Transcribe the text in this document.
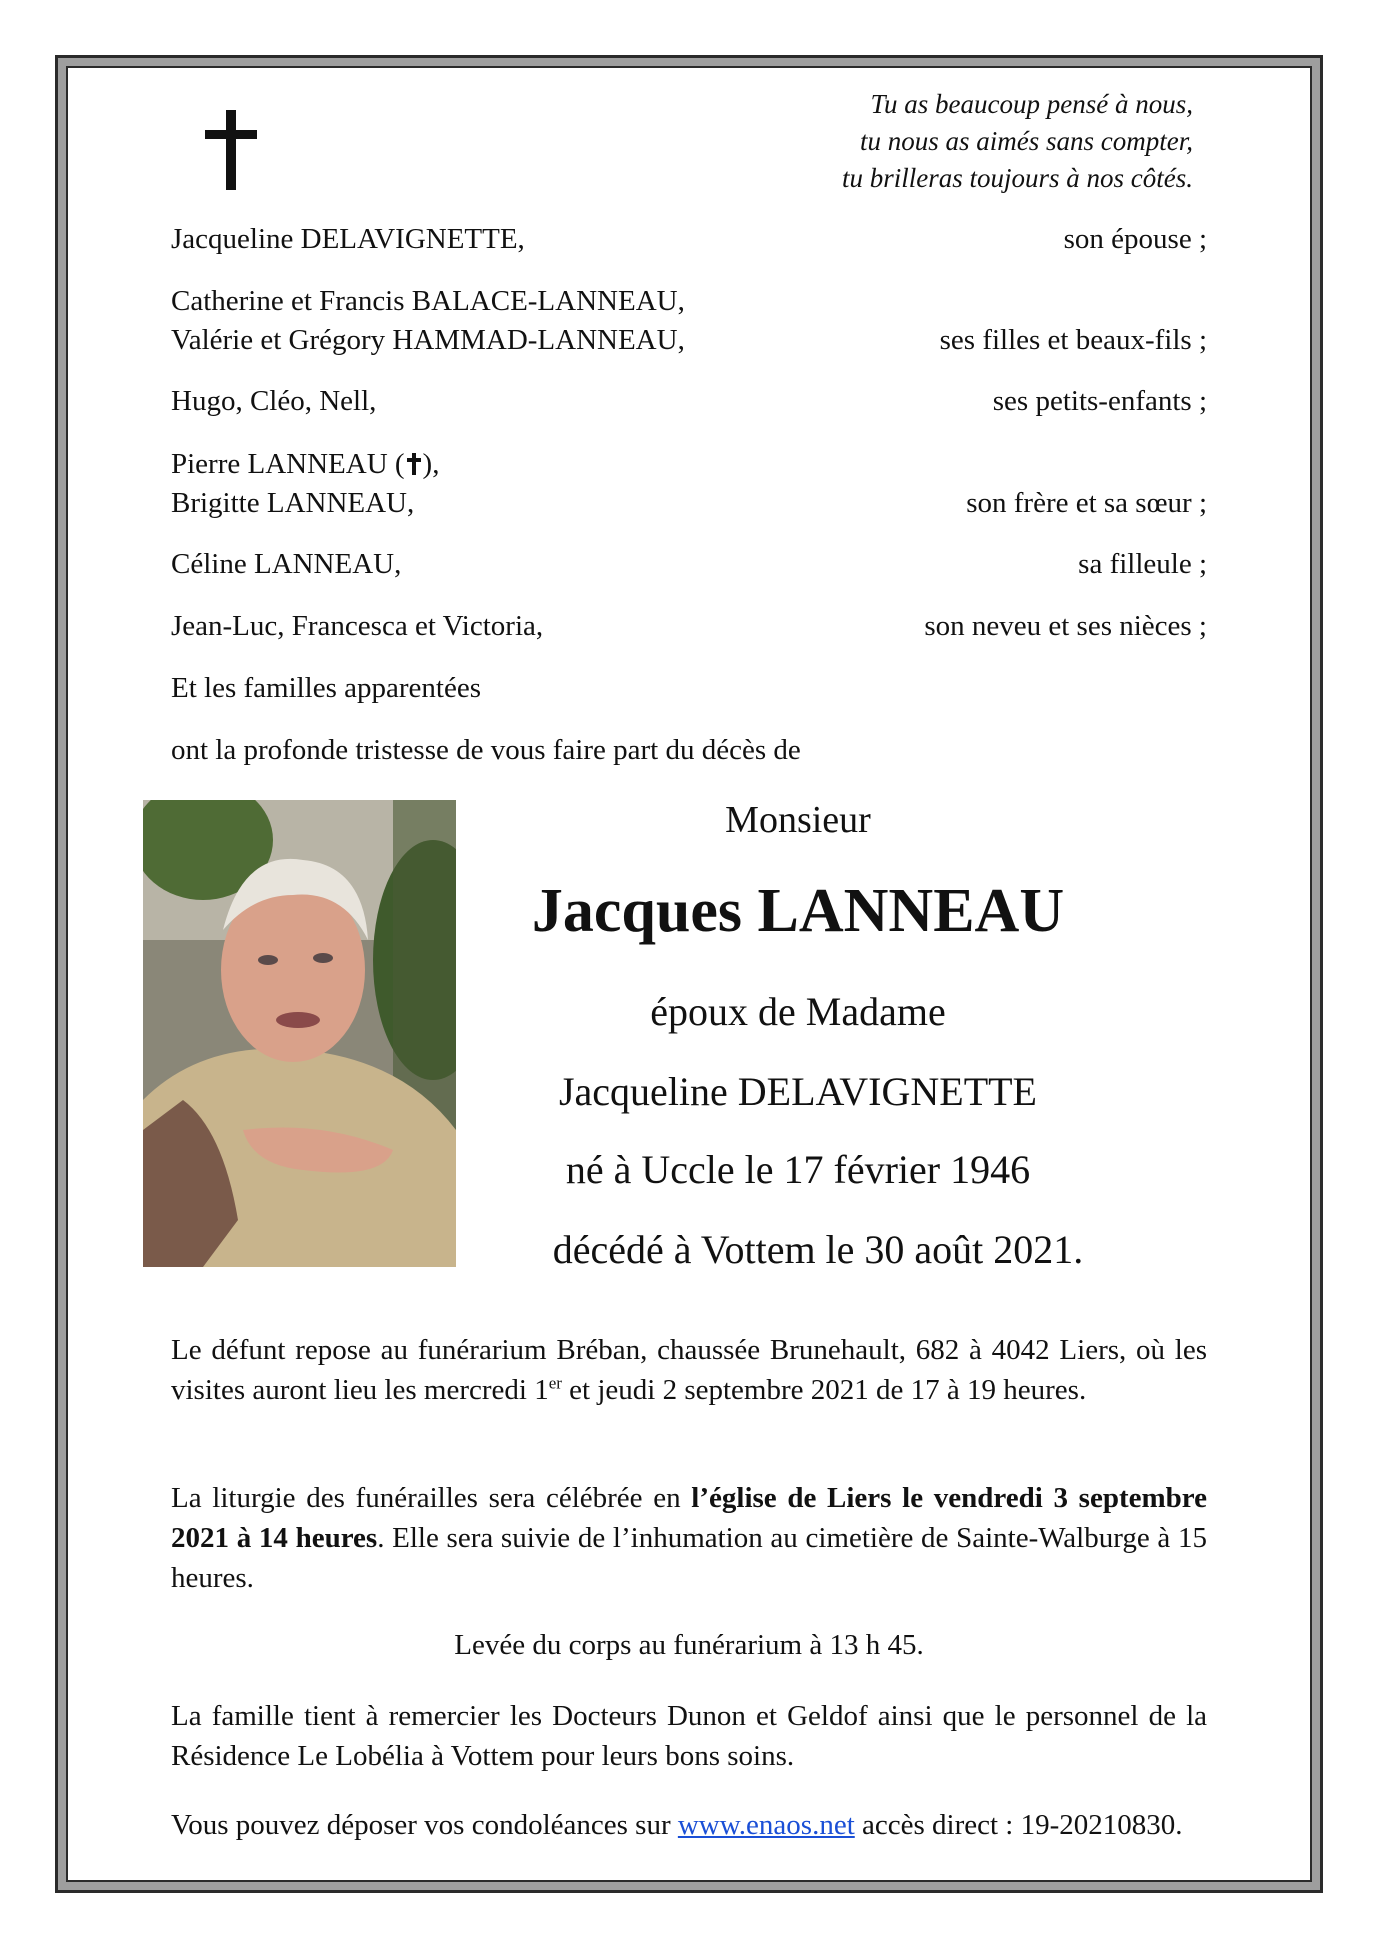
Tu as beaucoup pensé à nous,
tu nous as aimés sans compter,
tu brilleras toujours à nos côtés.
Jacqueline DELAVIGNETTE,	son épouse ;
Catherine et Francis BALACE-LANNEAU,
Valérie et Grégory HAMMAD-LANNEAU,	ses filles et beaux-fils ;
Hugo, Cléo, Nell,	ses petits-enfants ;
Pierre LANNEAU ( ),
Brigitte LANNEAU,	son frère et sa sœur ;
Céline LANNEAU,	sa filleule ;
Jean-Luc, Francesca et Victoria,	son neveu et ses nièces ;
Et les familles apparentées
ont la profonde tristesse de vous faire part du décès de
Monsieur
Jacques LANNEAU
époux de Madame
Jacqueline DELAVIGNETTE
né à Uccle le 17 février 1946
décédé à Vottem le 30 août 2021.
Le défunt repose au funérarium Bréban, chaussée Brunehault, 682 à 4042 Liers, où les visites auront lieu les mercredi 1er et jeudi 2 septembre 2021 de 17 à 19 heures.
La liturgie des funérailles sera célébrée en l’église de Liers le vendredi 3 septembre 2021 à 14 heures. Elle sera suivie de l’inhumation au cimetière de Sainte-Walburge à 15 heures.
Levée du corps au funérarium à 13 h 45.
La famille tient à remercier les Docteurs Dunon et Geldof ainsi que le personnel de la Résidence Le Lobélia à Vottem pour leurs bons soins.
Vous pouvez déposer vos condoléances sur www.enaos.net accès direct : 19-20210830.
